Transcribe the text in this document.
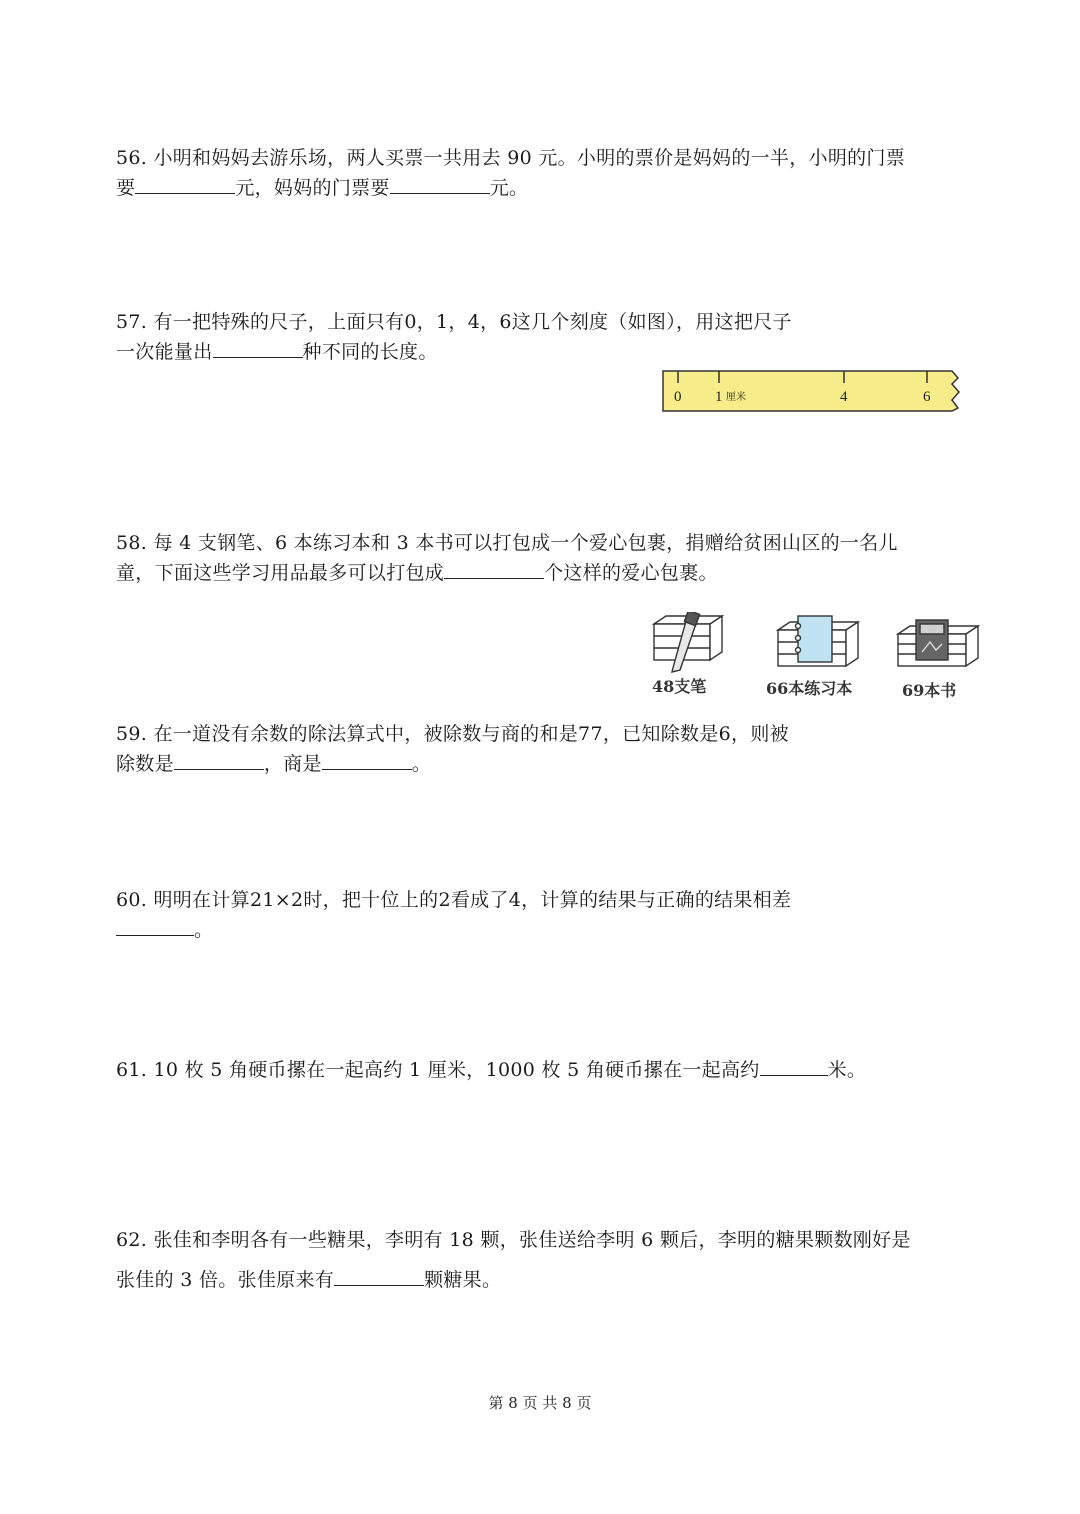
56. 小明和妈妈去游乐场，两人买票一共用去 90 元。小明的票价是妈妈的一半，小明的门票
要	元，妈妈的门票要	元。
57. 有一把特殊的尺子，上面只有0，1，4，6这几个刻度（如图），用这把尺子
一次能量出	种不同的长度。
0 1 厘米	4	6
58. 每 4 支钢笔、6 本练习本和 3 本书可以打包成一个爱心包裹，捐赠给贫困山区的一名儿
童，下面这些学习用品最多可以打包成	个这样的爱心包裹。
48支笔	66本练习本	69本书
59. 在一道没有余数的除法算式中，被除数与商的和是77，已知除数是6，则被
除数是	，商是	。
60. 明明在计算21×2时，把十位上的2看成了4，计算的结果与正确的结果相差
。
61. 10 枚 5 角硬币摞在一起高约 1 厘米，1000 枚 5 角硬币摞在一起高约	米。
62. 张佳和李明各有一些糖果，李明有 18 颗，张佳送给李明 6 颗后，李明的糖果颗数刚好是
张佳的 3 倍。张佳原来有	颗糖果。
第 8 页 共 8 页
